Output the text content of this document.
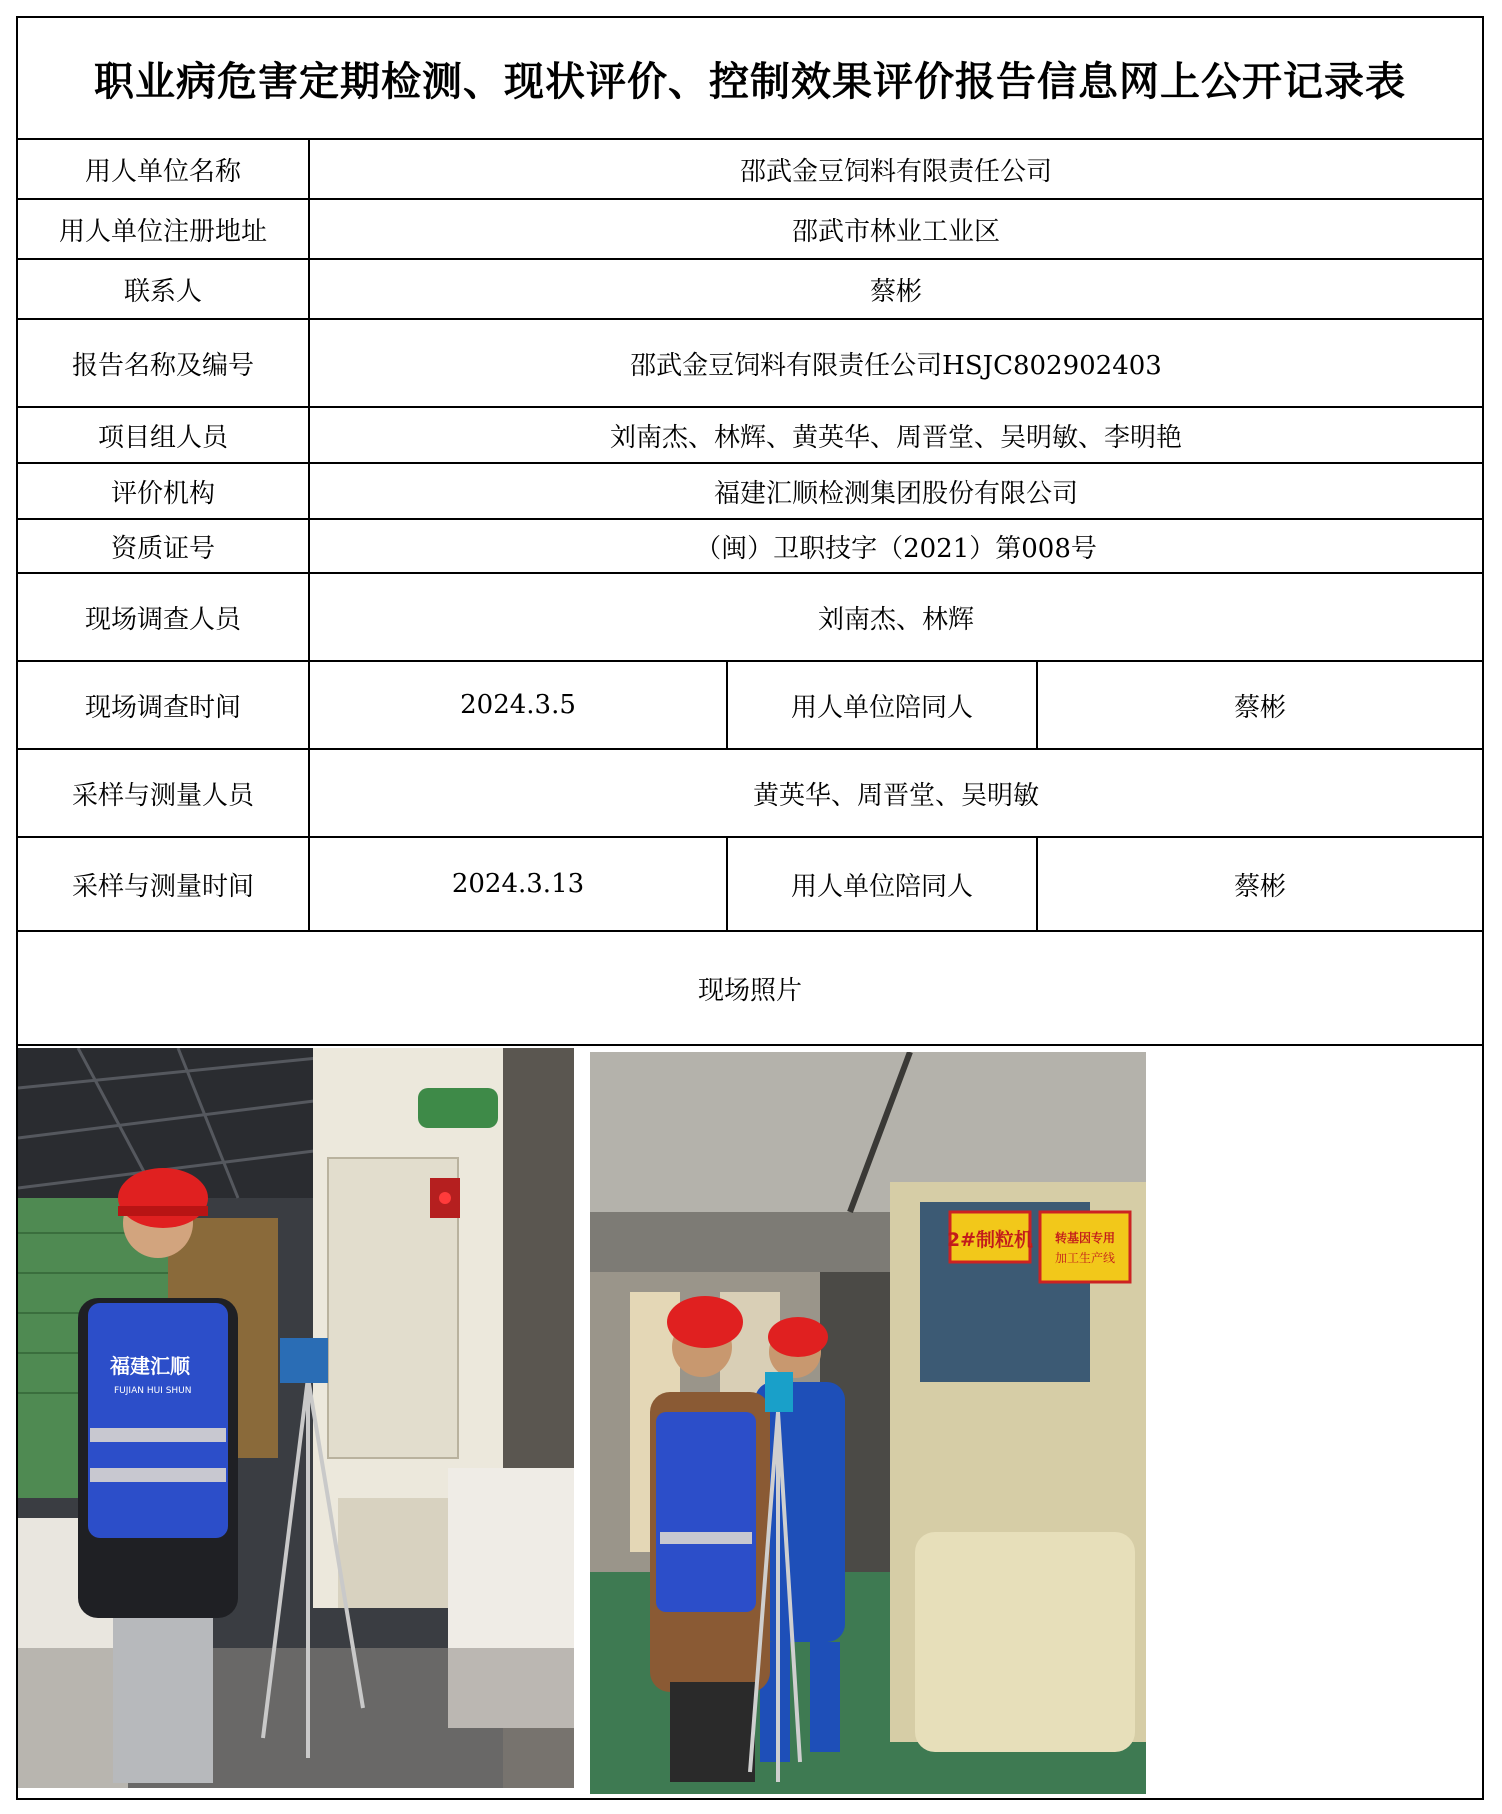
职业病危害定期检测、现状评价、控制效果评价报告信息网上公开记录表
用人单位名称	邵武金豆饲料有限责任公司
用人单位注册地址	邵武市林业工业区
联系人	蔡彬
报告名称及编号	邵武金豆饲料有限责任公司HSJC802902403
项目组人员	刘南杰、林辉、黄英华、周晋堂、吴明敏、李明艳
评价机构	福建汇顺检测集团股份有限公司
资质证号	（闽）卫职技字（2021）第008号
现场调查人员	刘南杰、林辉
现场调查时间	2024.3.5	用人单位陪同人	蔡彬
采样与测量人员	黄英华、周晋堂、吴明敏
采样与测量时间	2024.3.13	用人单位陪同人	蔡彬
现场照片
福建汇顺
FUJIAN HUI SHUN
2#制粒机 转基因专用
加工生产线
